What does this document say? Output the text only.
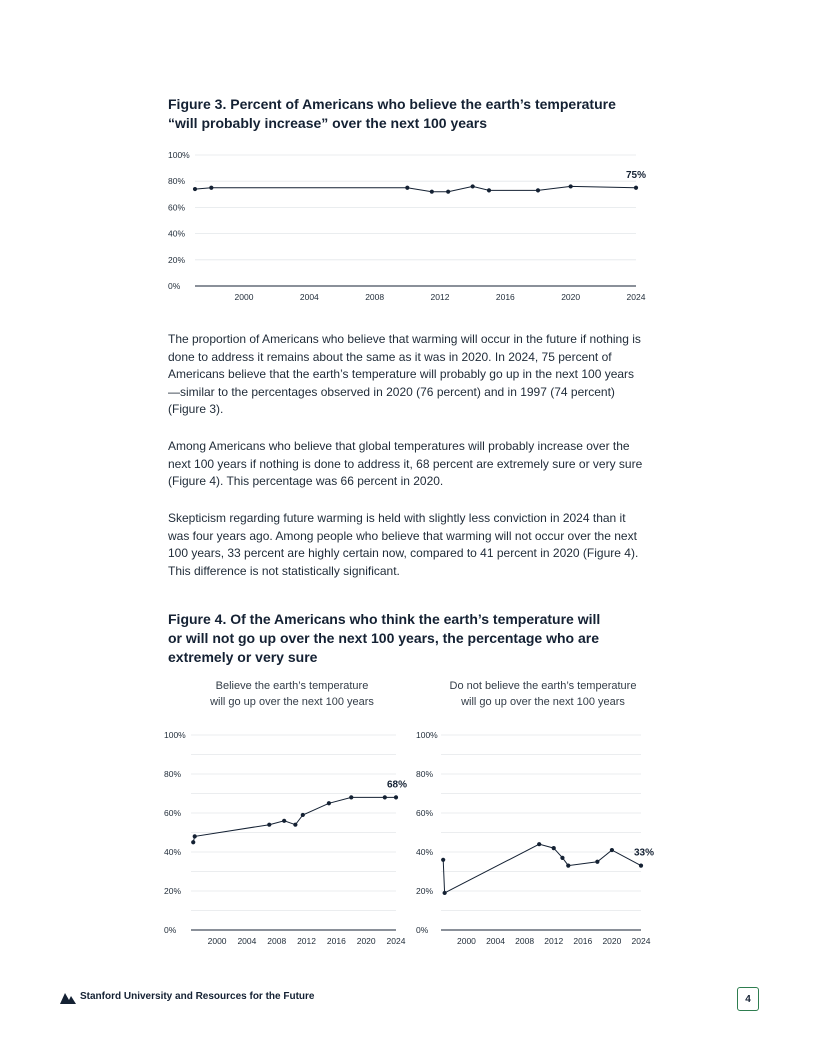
Figure 3. Percent of Americans who believe the earth’s temperature
“will probably increase” over the next 100 years
0%
20%
40%
60%
80%
100%
2000	2004	2008	2012	2016	2020	2024
75%

The proportion of Americans who believe that warming will occur in the future if nothing is done to address it remains about the same as it was in 2020. In 2024, 75 percent of Americans believe that the earth’s temperature will probably go up in the next 100 years—similar to the percentages observed in 2020 (76 percent) and in 1997 (74 percent) (Figure 3).

Among Americans who believe that global temperatures will probably increase over the next 100 years if nothing is done to address it, 68 percent are extremely sure or very sure (Figure 4). This percentage was 66 percent in 2020.

Skepticism regarding future warming is held with slightly less conviction in 2024 than it was four years ago. Among people who believe that warming will not occur over the next 100 years, 33 percent are highly certain now, compared to 41 percent in 2020 (Figure 4). This difference is not statistically significant.

Figure 4. Of the Americans who think the earth’s temperature will
or will not go up over the next 100 years, the percentage who are
extremely or very sure
Believe the earth’s temperature
will go up over the next 100 years
Do not believe the earth’s temperature
will go up over the next 100 years
0%
20%
40%
60%
80%
100%
2000 2004 2008 2012 2016 2020 2024
68%
0%
20%
40%
60%
80%
100%
2000 2004 2008 2012 2016 2020 2024
33%
Stanford University and Resources for the Future	4
